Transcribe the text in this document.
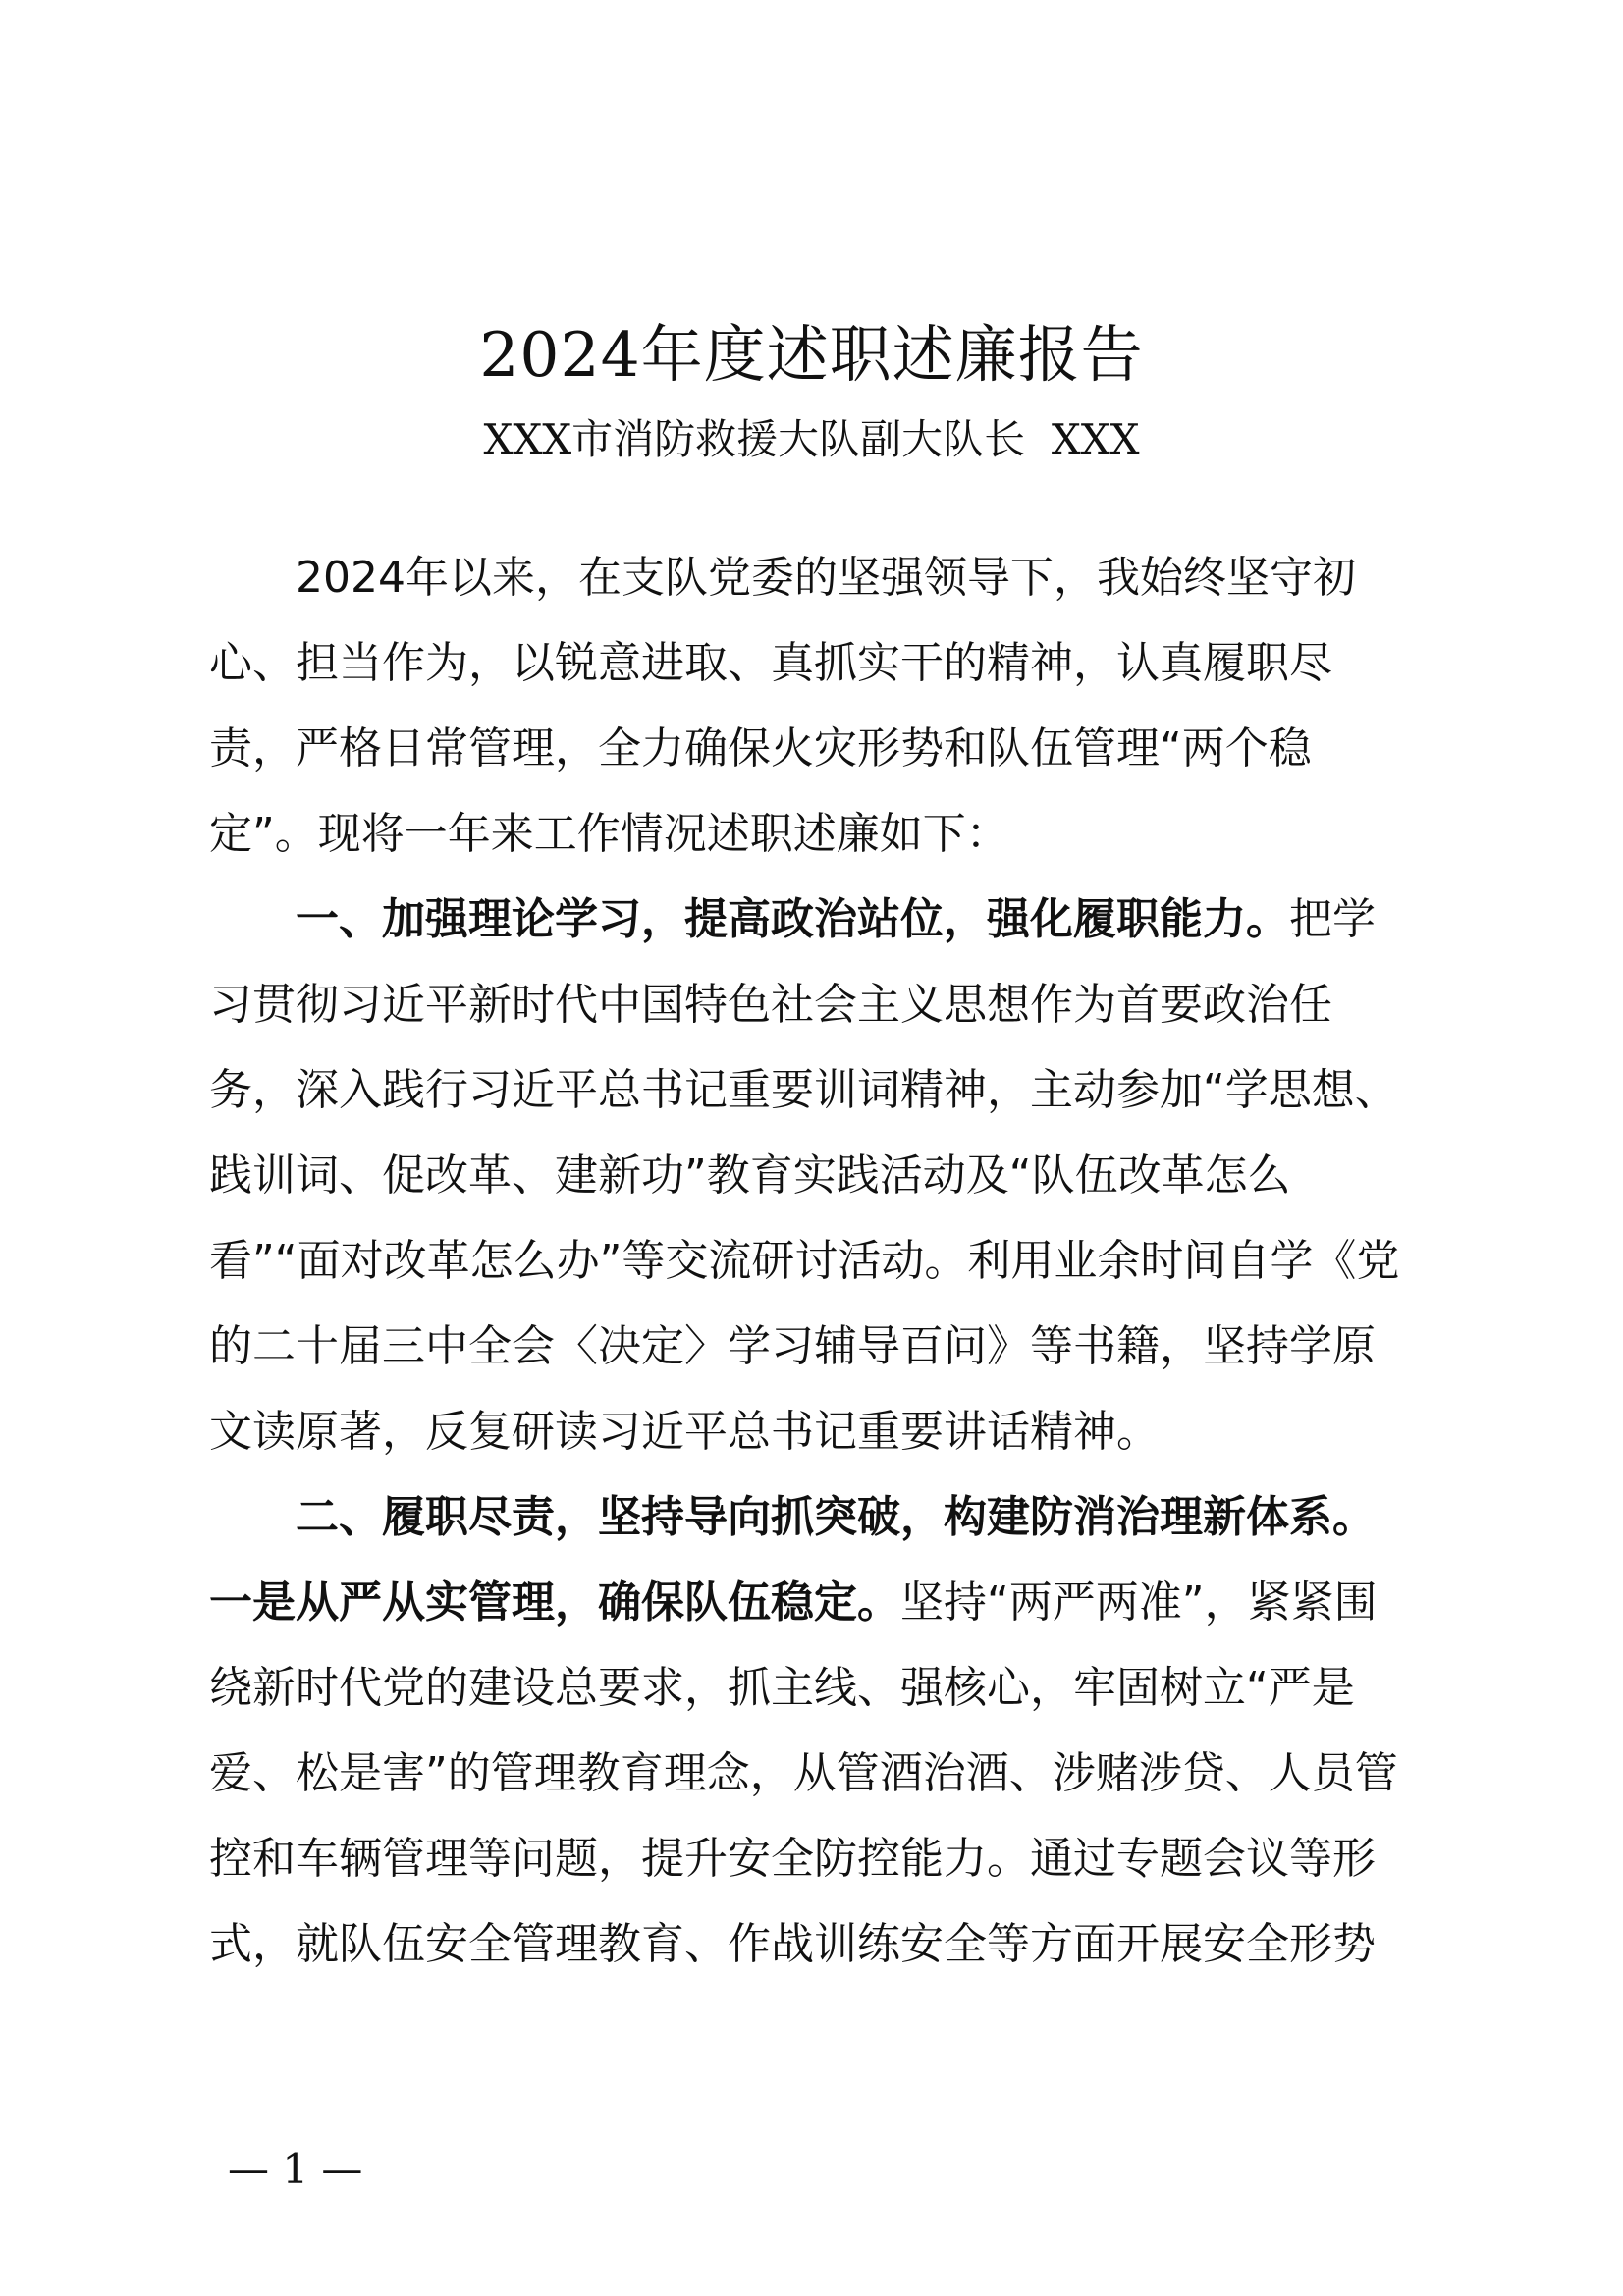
2024年度述职述廉报告
XXX市消防救援大队副大队长  XXX

2024年以来，在支队党委的坚强领导下，我始终坚守初心、担当作为，以锐意进取、真抓实干的精神，认真履职尽责，严格日常管理，全力确保火灾形势和队伍管理“两个稳定”。现将一年来工作情况述职述廉如下：

一、加强理论学习，提高政治站位，强化履职能力。把学习贯彻习近平新时代中国特色社会主义思想作为首要政治任务，深入践行习近平总书记重要训词精神，主动参加“学思想、践训词、促改革、建新功”教育实践活动及“队伍改革怎么看”“面对改革怎么办”等交流研讨活动。利用业余时间自学《党的二十届三中全会〈决定〉学习辅导百问》等书籍，坚持学原文读原著，反复研读习近平总书记重要讲话精神。

二、履职尽责，坚持导向抓突破，构建防消治理新体系。

一是从严从实管理，确保队伍稳定。坚持“两严两准”，紧紧围绕新时代党的建设总要求，抓主线、强核心，牢固树立“严是爱、松是害”的管理教育理念，从管酒治酒、涉赌涉贷、人员管控和车辆管理等问题，提升安全防控能力。通过专题会议等形式，就队伍安全管理教育、作战训练安全等方面开展安全形势

— 1 —
